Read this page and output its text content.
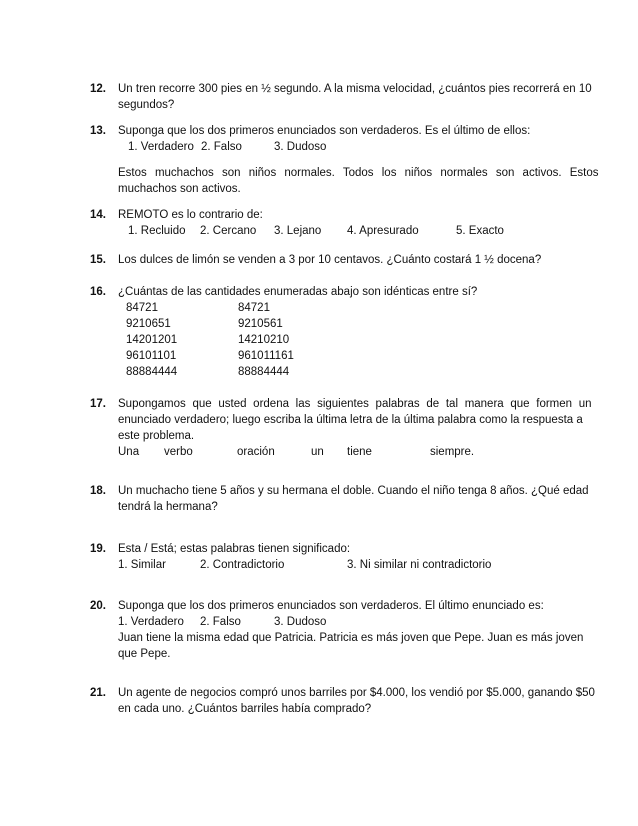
12. Un tren recorre 300 pies en ½ segundo. A la misma velocidad, ¿cuántos pies recorrerá en 10
segundos?
13. Suponga que los dos primeros enunciados son verdaderos. Es el último de ellos:
1. Verdadero 2. Falso	3. Dudoso
Estos muchachos son niños normales. Todos los niños normales son activos. Estos
muchachos son activos.
14. REMOTO es lo contrario de:
1. Recluido 2. Cercano 3. Lejano 4. Apresurado	5. Exacto
15. Los dulces de limón se venden a 3 por 10 centavos. ¿Cuánto costará 1 ½ docena?
16. ¿Cuántas de las cantidades enumeradas abajo son idénticas entre sí?
84721	84721
9210651	9210561
14201201	14210210
96101101	961011161
88884444	88884444
17. Supongamos que usted ordena las siguientes palabras de tal manera que formen un
enunciado verdadero; luego escriba la última letra de la última palabra como la respuesta a
este problema.
Una verbo	oración	un tiene	siempre.
18. Un muchacho tiene 5 años y su hermana el doble. Cuando el niño tenga 8 años. ¿Qué edad
tendrá la hermana?
19. Esta / Está; estas palabras tienen significado:
1. Similar	2. Contradictorio	3. Ni similar ni contradictorio
20. Suponga que los dos primeros enunciados son verdaderos. El último enunciado es:
1. Verdadero 2. Falso	3. Dudoso
Juan tiene la misma edad que Patricia. Patricia es más joven que Pepe. Juan es más joven
que Pepe.
21. Un agente de negocios compró unos barriles por $4.000, los vendió por $5.000, ganando $50
en cada uno. ¿Cuántos barriles había comprado?
